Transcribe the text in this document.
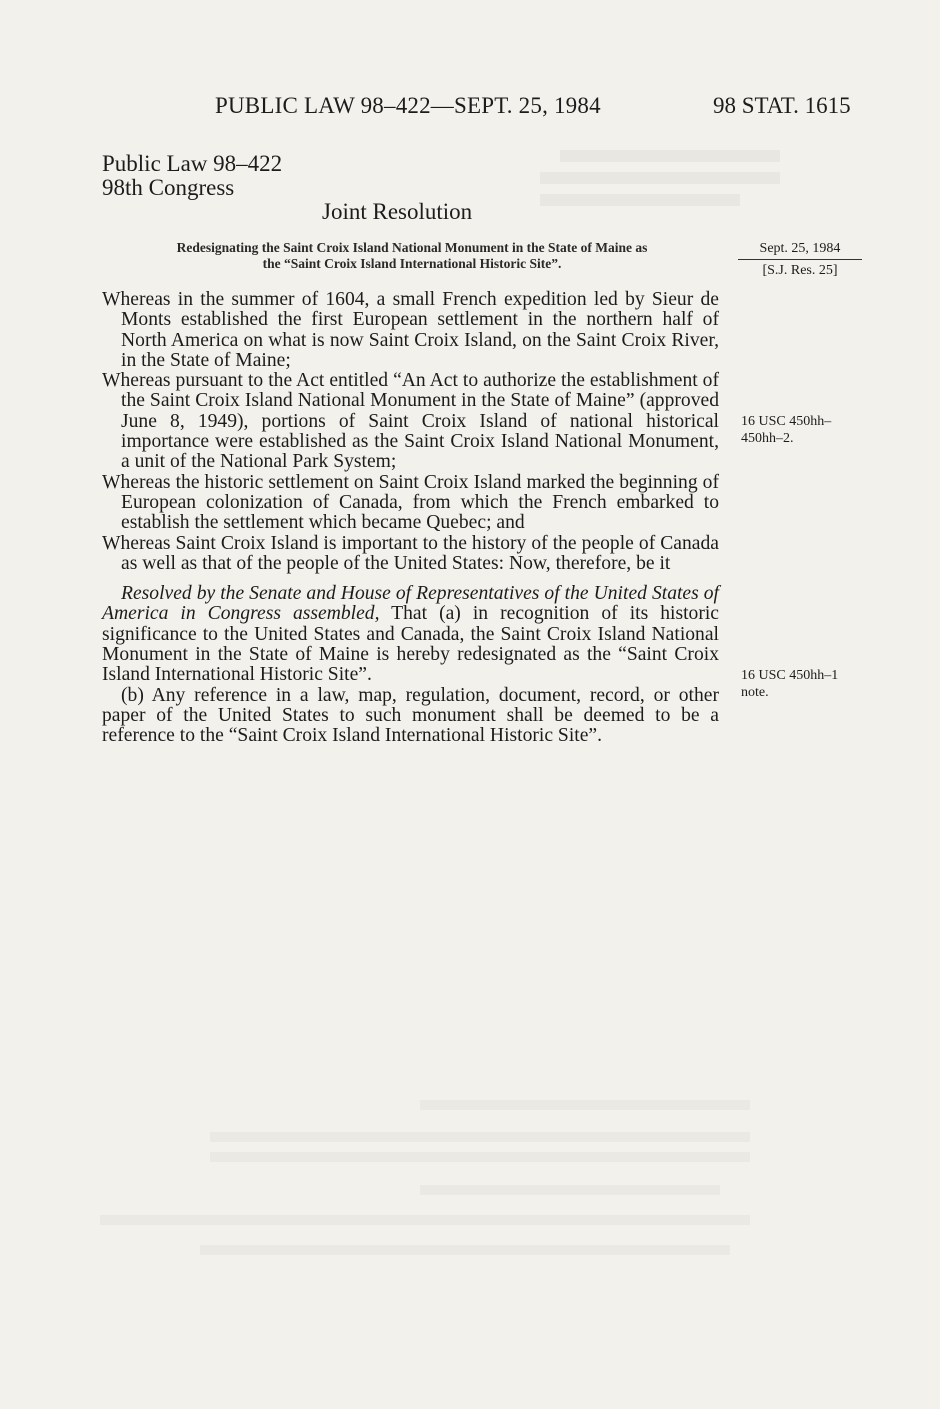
PUBLIC LAW 98–422—SEPT. 25, 1984	98 STAT. 1615
Public Law 98–422
98th Congress
Joint Resolution
Redesignating the Saint Croix Island National Monument in the State of Maine as
the “Saint Croix Island International Historic Site”.
Sept. 25, 1984
[S.J. Res. 25]

Whereas in the summer of 1604, a small French expedition led by Sieur de Monts established the first European settlement in the northern half of North America on what is now Saint Croix Island, on the Saint Croix River, in the State of Maine;

Whereas pursuant to the Act entitled “An Act to authorize the establishment of the Saint Croix Island National Monument in the State of Maine” (approved June 8, 1949), portions of Saint Croix Island of national historical importance were established as the Saint Croix Island National Monument, a unit of the National Park System;

Whereas the historic settlement on Saint Croix Island marked the beginning of European colonization of Canada, from which the French embarked to establish the settlement which became Quebec; and

Whereas Saint Croix Island is important to the history of the people of Canada as well as that of the people of the United States: Now, therefore, be it

Resolved by the Senate and House of Representatives of the United States of America in Congress assembled, That (a) in recognition of its historic significance to the United States and Canada, the Saint Croix Island National Monument in the State of Maine is hereby redesignated as the “Saint Croix Island International Historic Site”.

(b) Any reference in a law, map, regulation, document, record, or other paper of the United States to such monument shall be deemed to be a reference to the “Saint Croix Island International Historic Site”.

16 USC 450hh–
450hh–2.
16 USC 450hh–1
note.
